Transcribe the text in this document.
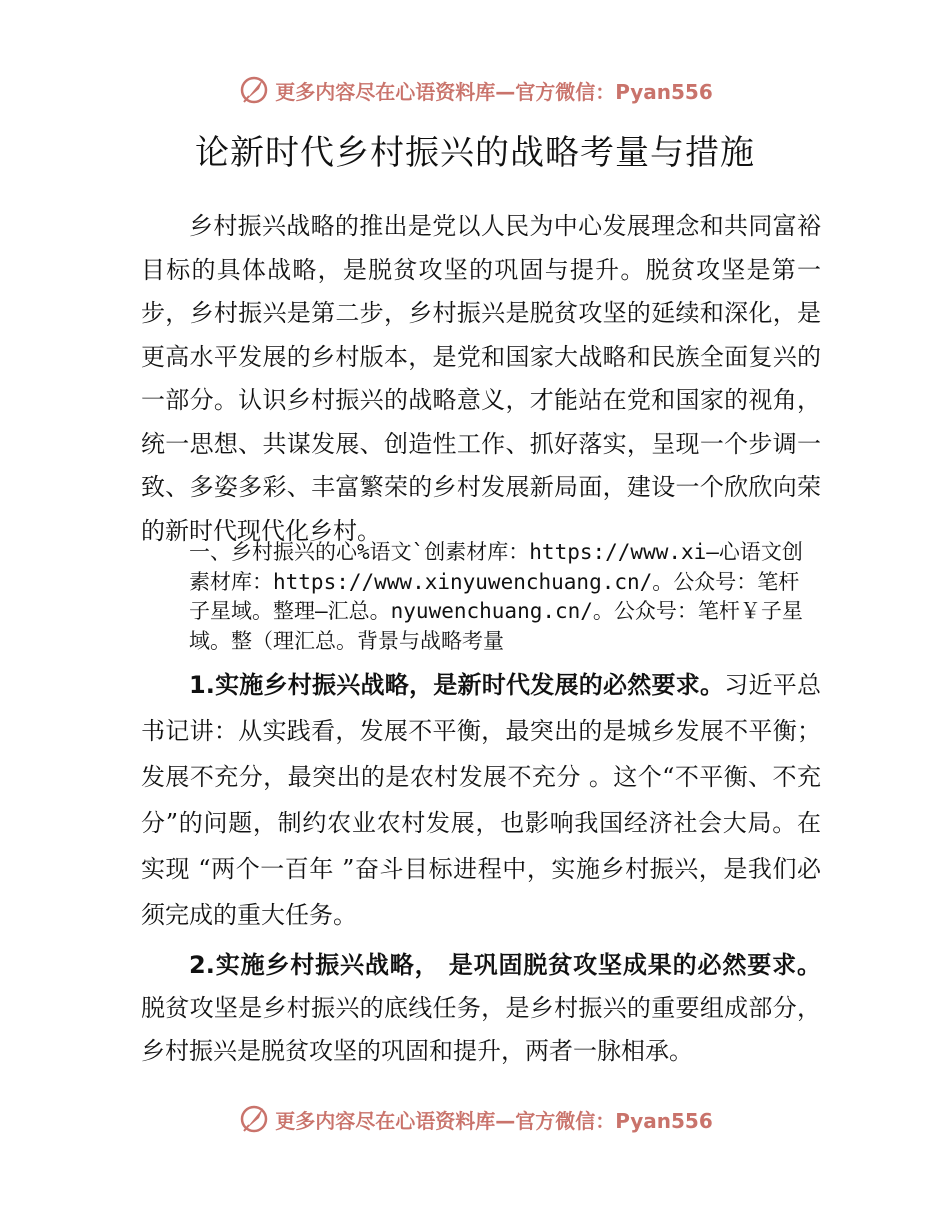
更多内容尽在心语资料库—官方微信：Pyan556
论新时代乡村振兴的战略考量与措施

乡村振兴战略的推出是党以人民为中心发展理念和共同富裕目标的具体战略，是脱贫攻坚的巩固与提升。脱贫攻坚是第一步，乡村振兴是第二步，乡村振兴是脱贫攻坚的延续和深化，是更高水平发展的乡村版本，是党和国家大战略和民族全面复兴的一部分。认识乡村振兴的战略意义，才能站在党和国家的视角，统一思想、共谋发展、创造性工作、抓好落实，呈现一个步调一致、多姿多彩、丰富繁荣的乡村发展新局面，建设一个欣欣向荣的新时代现代化乡村。

一、乡村振兴的心%语文`创素材库：https://www.xi—心语文创素材库：https://www.xinyuwenchuang.cn/。公众号：笔杆子星域。整理—汇总。nyuwenchuang.cn/。公众号：笔杆￥子星域。整（理汇总。背景与战略考量

1.实施乡村振兴战略，是新时代发展的必然要求。习近平总书记讲：从实践看，发展不平衡，最突出的是城乡发展不平衡；发展不充分，最突出的是农村发展不充分 。这个“不平衡、不充分”的问题，制约农业农村发展，也影响我国经济社会大局。在实现 “两个一百年 ”奋斗目标进程中，实施乡村振兴，是我们必须完成的重大任务。

2.实施乡村振兴战略， 是巩固脱贫攻坚成果的必然要求。脱贫攻坚是乡村振兴的底线任务，是乡村振兴的重要组成部分，乡村振兴是脱贫攻坚的巩固和提升，两者一脉相承。

更多内容尽在心语资料库—官方微信：Pyan556
